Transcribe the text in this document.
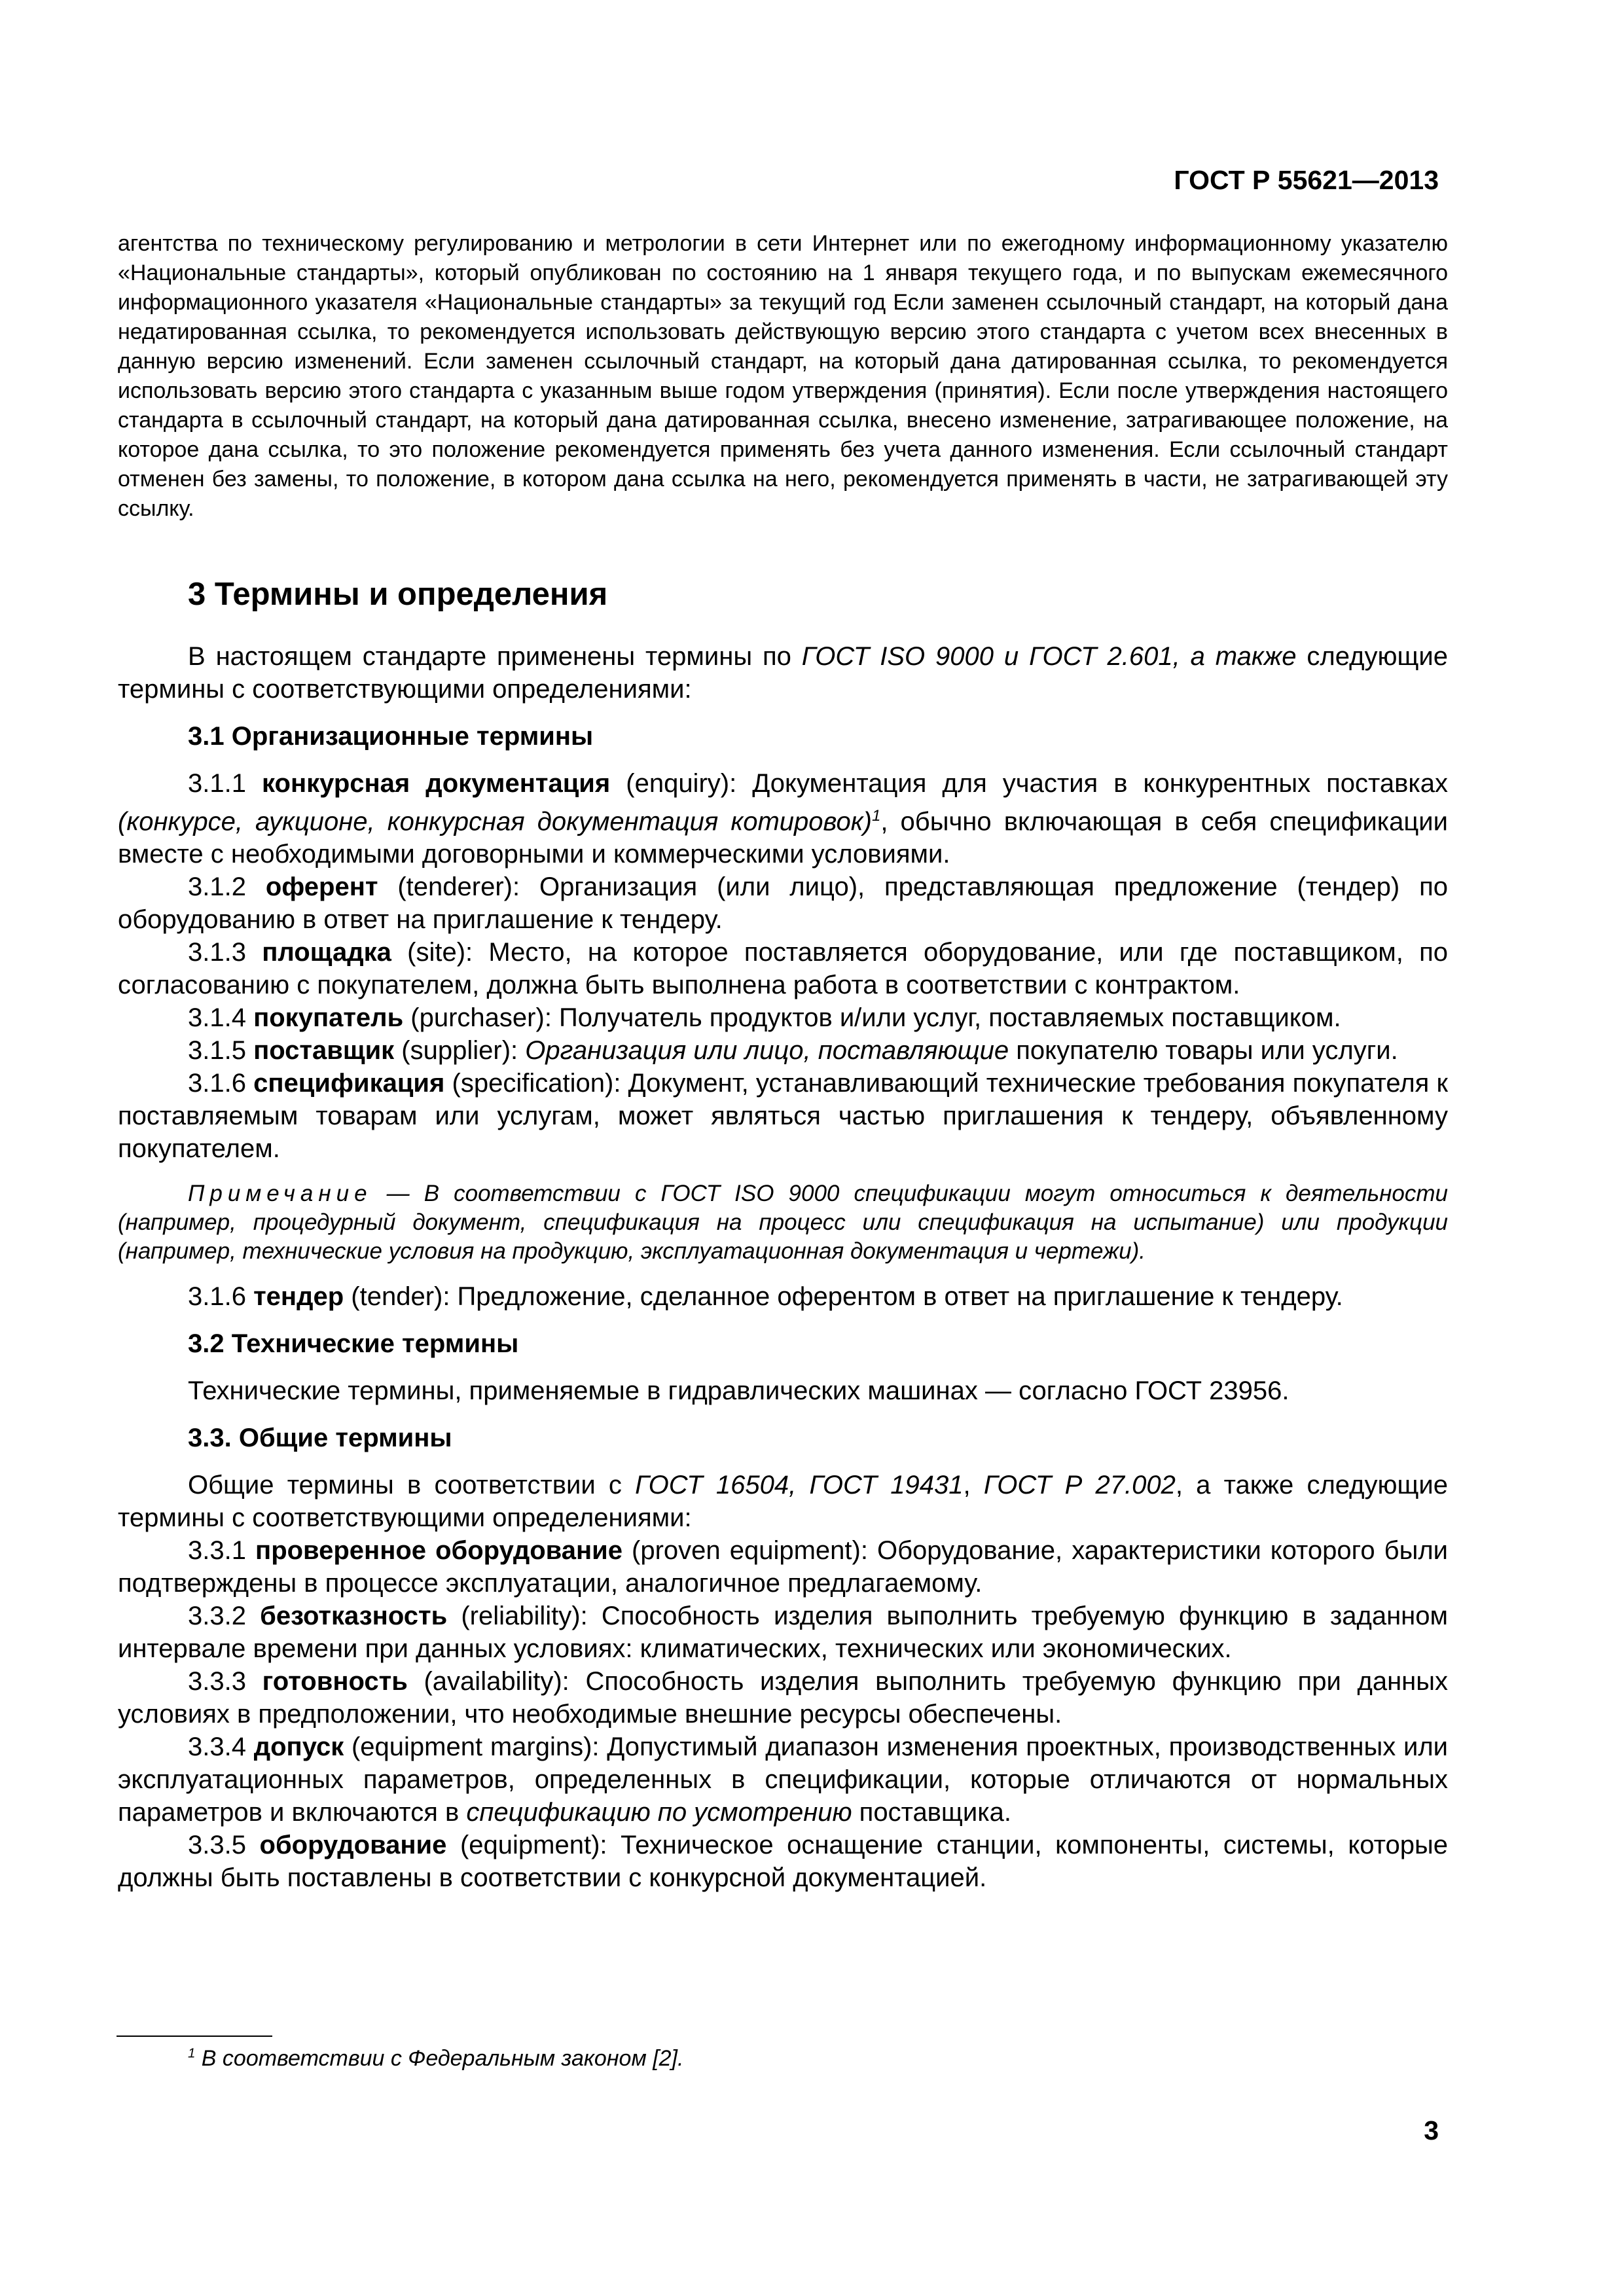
ГОСТ Р 55621—2013
агентства по техническому регулированию и метрологии в сети Интернет или по ежегодному информационному указателю «Национальные стандарты», который опубликован по состоянию на 1 января текущего года, и по выпускам ежемесячного информационного указателя «Национальные стандарты» за текущий год Если заменен ссылочный стандарт, на который дана недатированная ссылка, то рекомендуется использовать действующую версию этого стандарта с учетом всех внесенных в данную версию изменений. Если заменен ссылочный стандарт, на который дана датированная ссылка, то рекомендуется использовать версию этого стандарта с указанным выше годом утверждения (принятия). Если после утверждения настоящего стандарта в ссылочный стандарт, на который дана датированная ссылка, внесено изменение, затрагивающее положение, на которое дана ссылка, то это положение рекомендуется применять без учета данного изменения. Если ссылочный стандарт отменен без замены, то положение, в котором дана ссылка на него, рекомендуется применять в части, не затрагивающей эту ссылку.
3 Термины и определения

В настоящем стандарте применены термины по ГОСТ ISO 9000 и ГОСТ 2.601, а также следующие термины с соответствующими определениями:

3.1 Организационные термины

3.1.1 конкурсная документация (enquiry): Документация для участия в конкурентных поставках (конкурсе, аукционе, конкурсная документация котировок)$^1$, обычно включающая в себя спецификации вместе с необходимыми договорными и коммерческими условиями.

3.1.2 оферент (tenderer): Организация (или лицо), представляющая предложение (тендер) по оборудованию в ответ на приглашение к тендеру.

3.1.3 площадка (site): Место, на которое поставляется оборудование, или где поставщиком, по согласованию с покупателем, должна быть выполнена работа в соответствии с контрактом.

3.1.4 покупатель (purchaser): Получатель продуктов и/или услуг, поставляемых поставщиком.

3.1.5 поставщик (supplier): Организация или лицо, поставляющие покупателю товары или услуги.

3.1.6 спецификация (specification): Документ, устанавливающий технические требования покупателя к поставляемым товарам или услугам, может являться частью приглашения к тендеру, объявленному покупателем.

Примечание — В соответствии с ГОСТ ISO 9000 спецификации могут относиться к деятельности (например, процедурный документ, спецификация на процесс или спецификация на испытание) или продукции (например, технические условия на продукцию, эксплуатационная документация и чертежи).

3.1.6 тендер (tender): Предложение, сделанное оферентом в ответ на приглашение к тендеру.

3.2 Технические термины

Технические термины, применяемые в гидравлических машинах — согласно ГОСТ 23956.

3.3. Общие термины

Общие термины в соответствии с ГОСТ 16504, ГОСТ 19431, ГОСТ Р 27.002, а также следующие термины с соответствующими определениями:

3.3.1 проверенное оборудование (proven equipment): Оборудование, характеристики которого были подтверждены в процессе эксплуатации, аналогичное предлагаемому.

3.3.2 безотказность (reliability): Способность изделия выполнить требуемую функцию в заданном интервале времени при данных условиях: климатических, технических или экономических.

3.3.3 готовность (availability): Способность изделия выполнить требуемую функцию при данных условиях в предположении, что необходимые внешние ресурсы обеспечены.

3.3.4 допуск (equipment margins): Допустимый диапазон изменения проектных, производственных или эксплуатационных параметров, определенных в спецификации, которые отличаются от нормальных параметров и включаются в спецификацию по усмотрению поставщика.

3.3.5 оборудование (equipment): Техническое оснащение станции, компоненты, системы, которые должны быть поставлены в соответствии с конкурсной документацией.

$^1$ В соответствии с Федеральным законом [2].
3
